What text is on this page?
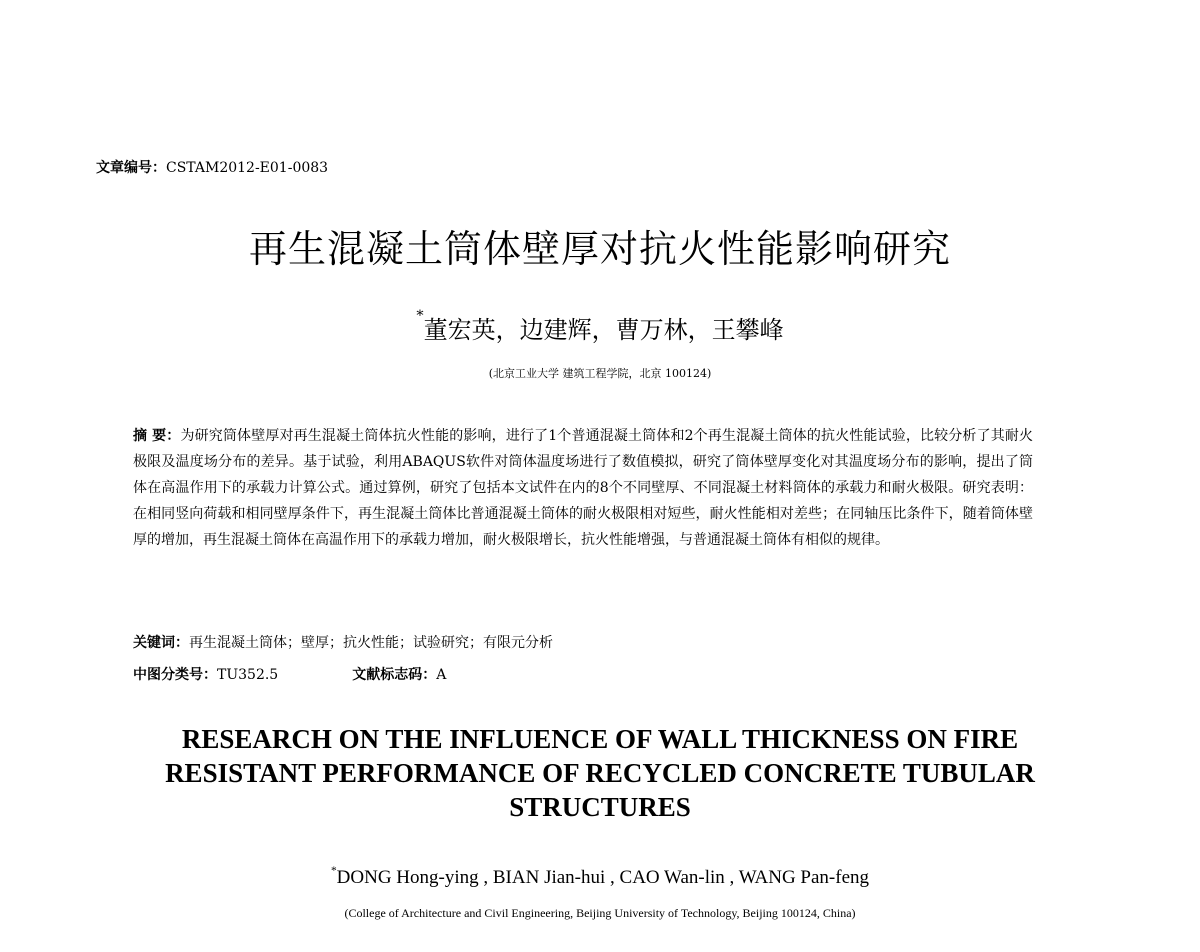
文章编号：CSTAM2012-E01-0083
再生混凝土筒体壁厚对抗火性能影响研究
*董宏英，边建辉，曹万林，王攀峰
(北京工业大学 建筑工程学院，北京 100124)
摘 要：为研究筒体壁厚对再生混凝土筒体抗火性能的影响，进行了1个普通混凝土筒体和2个再生混凝土筒体的抗火性能试验，比较分析了其耐火极限及温度场分布的差异。基于试验，利用ABAQUS软件对筒体温度场进行了数值模拟，研究了筒体壁厚变化对其温度场分布的影响，提出了筒体在高温作用下的承载力计算公式。通过算例，研究了包括本文试件在内的8个不同壁厚、不同混凝土材料筒体的承载力和耐火极限。研究表明：在相同竖向荷载和相同壁厚条件下，再生混凝土筒体比普通混凝土筒体的耐火极限相对短些，耐火性能相对差些；在同轴压比条件下，随着筒体壁厚的增加，再生混凝土筒体在高温作用下的承载力增加，耐火极限增长，抗火性能增强，与普通混凝土筒体有相似的规律。
关键词：再生混凝土筒体；壁厚；抗火性能；试验研究；有限元分析
中图分类号：TU352.5	文献标志码：A
RESEARCH ON THE INFLUENCE OF WALL THICKNESS ON FIRE
RESISTANT PERFORMANCE OF RECYCLED CONCRETE TUBULAR
STRUCTURES
*DONG Hong-ying , BIAN Jian-hui , CAO Wan-lin , WANG Pan-feng
(College of Architecture and Civil Engineering, Beijing University of Technology, Beijing 100124, China)
